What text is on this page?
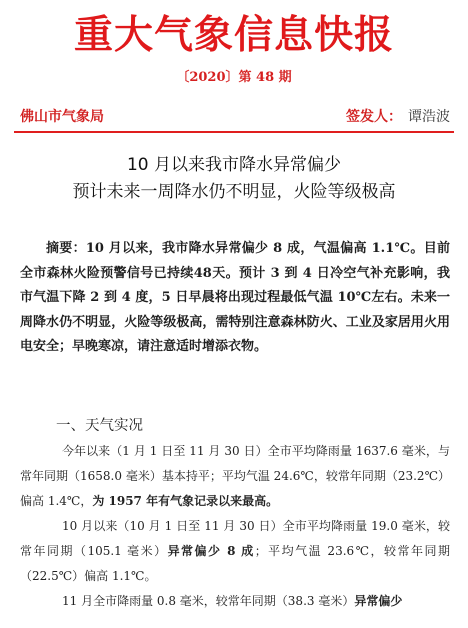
重大气象信息快报
〔2020〕第 48 期
佛山市气象局	签发人： 谭浩波
10 月以来我市降水异常偏少
预计未来一周降水仍不明显，火险等级极高

摘要：10 月以来，我市降水异常偏少 8 成，气温偏高 1.1℃。目前全市森林火险预警信号已持续48天。预计 3 到 4 日冷空气补充影响，我市气温下降 2 到 4 度，5 日早晨将出现过程最低气温 10℃左右。未来一周降水仍不明显，火险等级极高，需特别注意森林防火、工业及家居用火用电安全；早晚寒凉，请注意适时增添衣物。

一、天气实况

今年以来（1 月 1 日至 11 月 30 日）全市平均降雨量 1637.6 毫米，与常年同期（1658.0 毫米）基本持平；平均气温 24.6℃，较常年同期（23.2℃）偏高 1.4℃，为 1957 年有气象记录以来最高。

10 月以来（10 月 1 日至 11 月 30 日）全市平均降雨量 19.0 毫米，较常年同期（105.1 毫米）异常偏少 8 成；平均气温 23.6℃，较常年同期（22.5℃）偏高 1.1℃。

11 月全市降雨量 0.8 毫米，较常年同期（38.3 毫米）异常偏少
